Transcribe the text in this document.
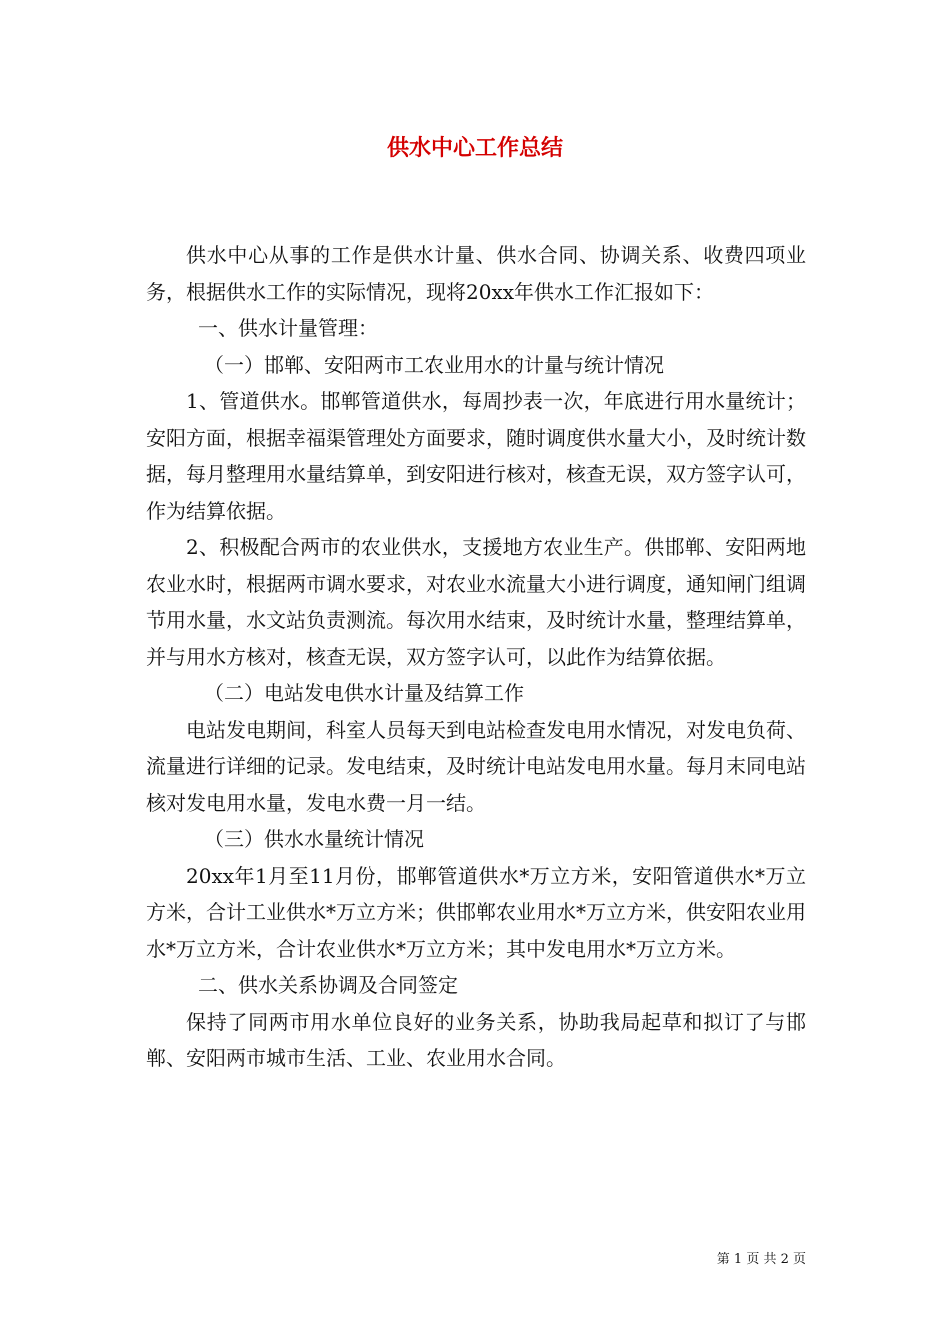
供水中心工作总结

供水中心从事的工作是供水计量、供水合同、协调关系、收费四项业务，根据供水工作的实际情况，现将20xx年供水工作汇报如下：

一、供水计量管理：

（一）邯郸、安阳两市工农业用水的计量与统计情况

1、管道供水。邯郸管道供水，每周抄表一次，年底进行用水量统计；安阳方面，根据幸福渠管理处方面要求，随时调度供水量大小，及时统计数据，每月整理用水量结算单，到安阳进行核对，核查无误，双方签字认可，作为结算依据。

2、积极配合两市的农业供水，支援地方农业生产。供邯郸、安阳两地农业水时，根据两市调水要求，对农业水流量大小进行调度，通知闸门组调节用水量，水文站负责测流。每次用水结束，及时统计水量，整理结算单，并与用水方核对，核查无误，双方签字认可，以此作为结算依据。

（二）电站发电供水计量及结算工作

电站发电期间，科室人员每天到电站检查发电用水情况，对发电负荷、流量进行详细的记录。发电结束，及时统计电站发电用水量。每月末同电站核对发电用水量，发电水费一月一结。

（三）供水水量统计情况

20xx年1月至11月份，邯郸管道供水*万立方米，安阳管道供水*万立方米，合计工业供水*万立方米；供邯郸农业用水*万立方米，供安阳农业用水*万立方米，合计农业供水*万立方米；其中发电用水*万立方米。

二、供水关系协调及合同签定

保持了同两市用水单位良好的业务关系，协助我局起草和拟订了与邯郸、安阳两市城市生活、工业、农业用水合同。

第 1 页 共 2 页
